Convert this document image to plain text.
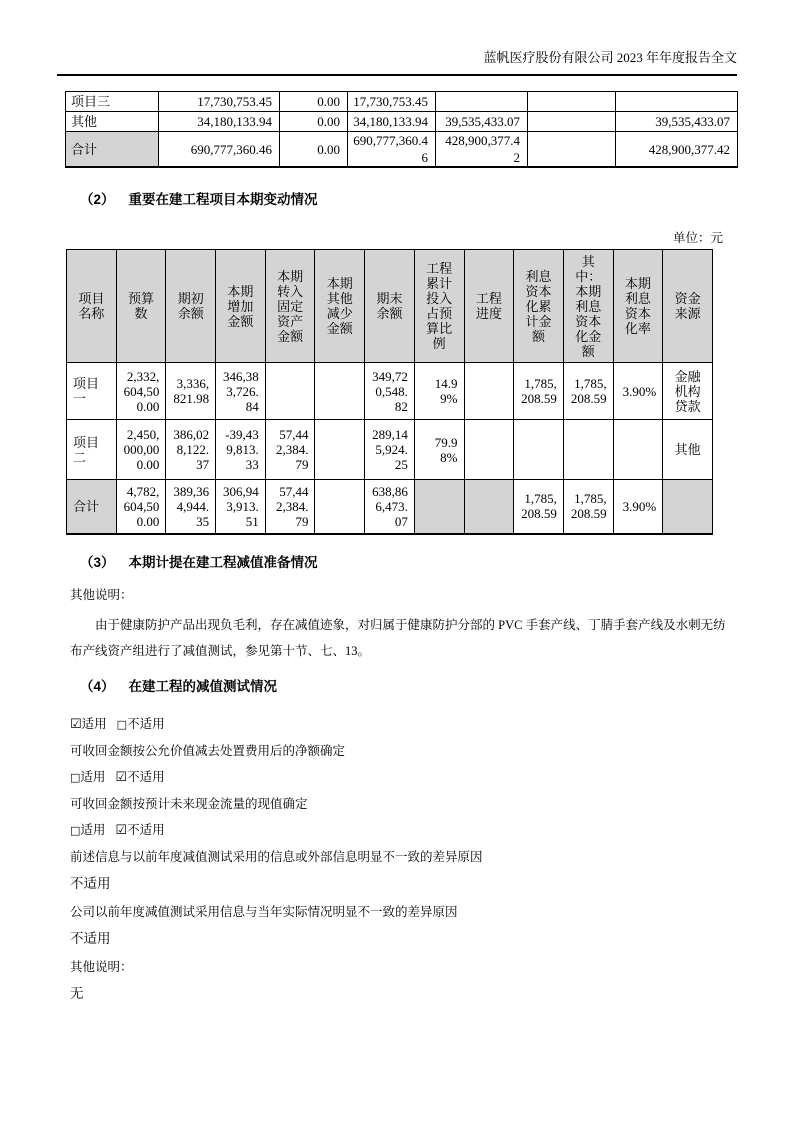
蓝帆医疗股份有限公司 2023 年年度报告全文
项目三	17,730,753.45	0.00	17,730,753.45			
其他	34,180,133.94	0.00	34,180,133.94	39,535,433.07		39,535,433.07
合计	690,777,360.46	0.00	690,777,360.46	428,900,377.42		428,900,377.42
（2） 重要在建工程项目本期变动情况
单位：元
项目名称	预算数	期初余额	本期增加金额	本期转入固定资产金额	本期其他减少金额	期末余额	工程累计投入占预算比例	工程进度	利息资本化累计金额	其中：本期利息资本化金额	本期利息资本化率	资金来源
项目一	2,332,604,500.00	3,336,821.98	346,383,726.84			349,720,548.82	14.99%		1,785,208.59	1,785,208.59	3.90%	金融机构贷款
项目二	2,450,000,000.00	386,028,122.37	-39,439,813.33	57,442,384.79		289,145,924.25	79.98%					其他
合计	4,782,604,500.00	389,364,944.35	306,943,913.51	57,442,384.79		638,866,473.07			1,785,208.59	1,785,208.59	3.90%	
（3） 本期计提在建工程减值准备情况
其他说明：
由于健康防护产品出现负毛利，存在减值迹象，对归属于健康防护分部的 PVC 手套产线、丁腈手套产线及水刺无纺布产线资产组进行了减值测试，参见第十节、七、13。
（4） 在建工程的减值测试情况
☑适用 □不适用
可收回金额按公允价值减去处置费用后的净额确定
□适用 ☑不适用
可收回金额按预计未来现金流量的现值确定
□适用 ☑不适用
前述信息与以前年度减值测试采用的信息或外部信息明显不一致的差异原因
不适用
公司以前年度减值测试采用信息与当年实际情况明显不一致的差异原因
不适用
其他说明：
无
